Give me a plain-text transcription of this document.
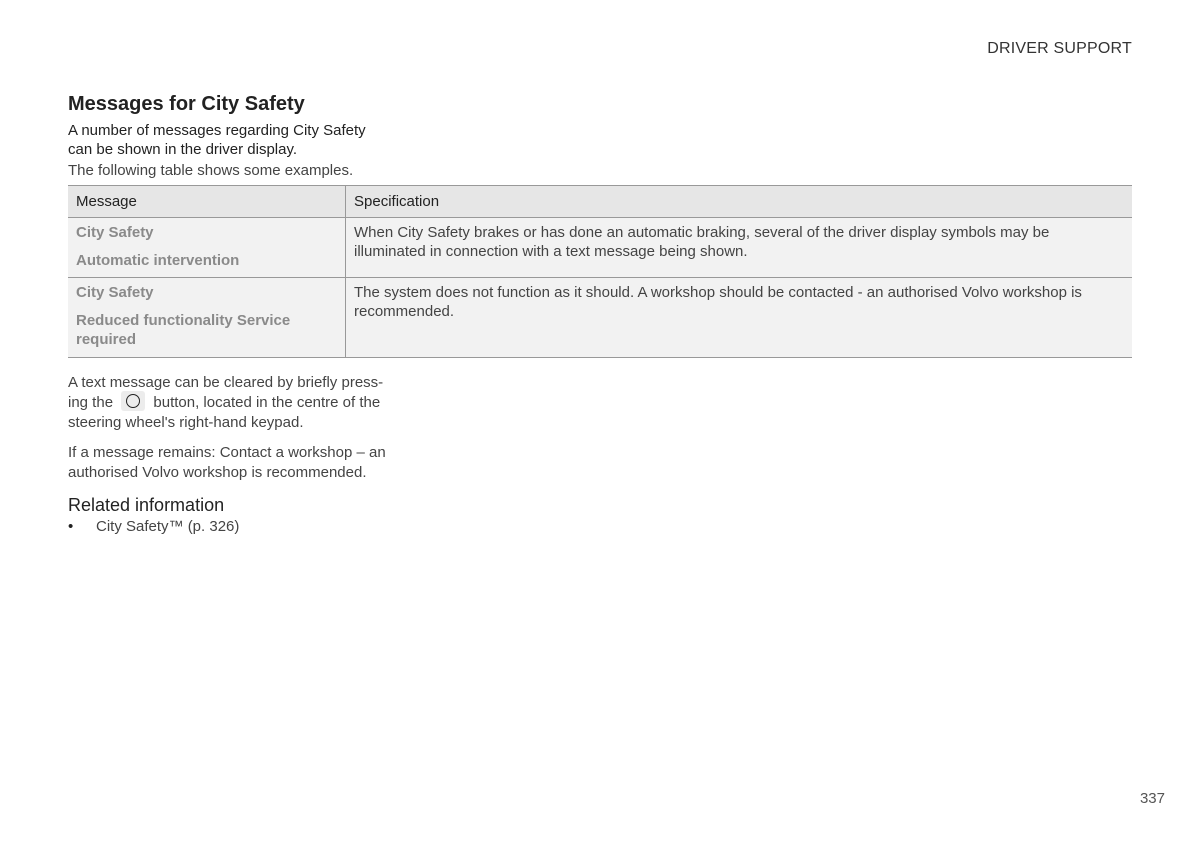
DRIVER SUPPORT
Messages for City Safety

A number of messages regarding City Safety can be shown in the driver display.

The following table shows some examples.

Message	Specification

City Safety
Automatic intervention	When City Safety brakes or has done an automatic braking, several of the driver display symbols may be illuminated in connection with a text message being shown.

City Safety
Reduced functionality Service required	The system does not function as it should. A workshop should be contacted - an authorised Volvo workshop is recommended.

A text message can be cleared by briefly press-ing the	button, located in the centre of the steering wheel's right-hand keypad.

If a message remains: Contact a workshop – an authorised Volvo workshop is recommended.

Related information
• City Safety™ (p. 326)
337
